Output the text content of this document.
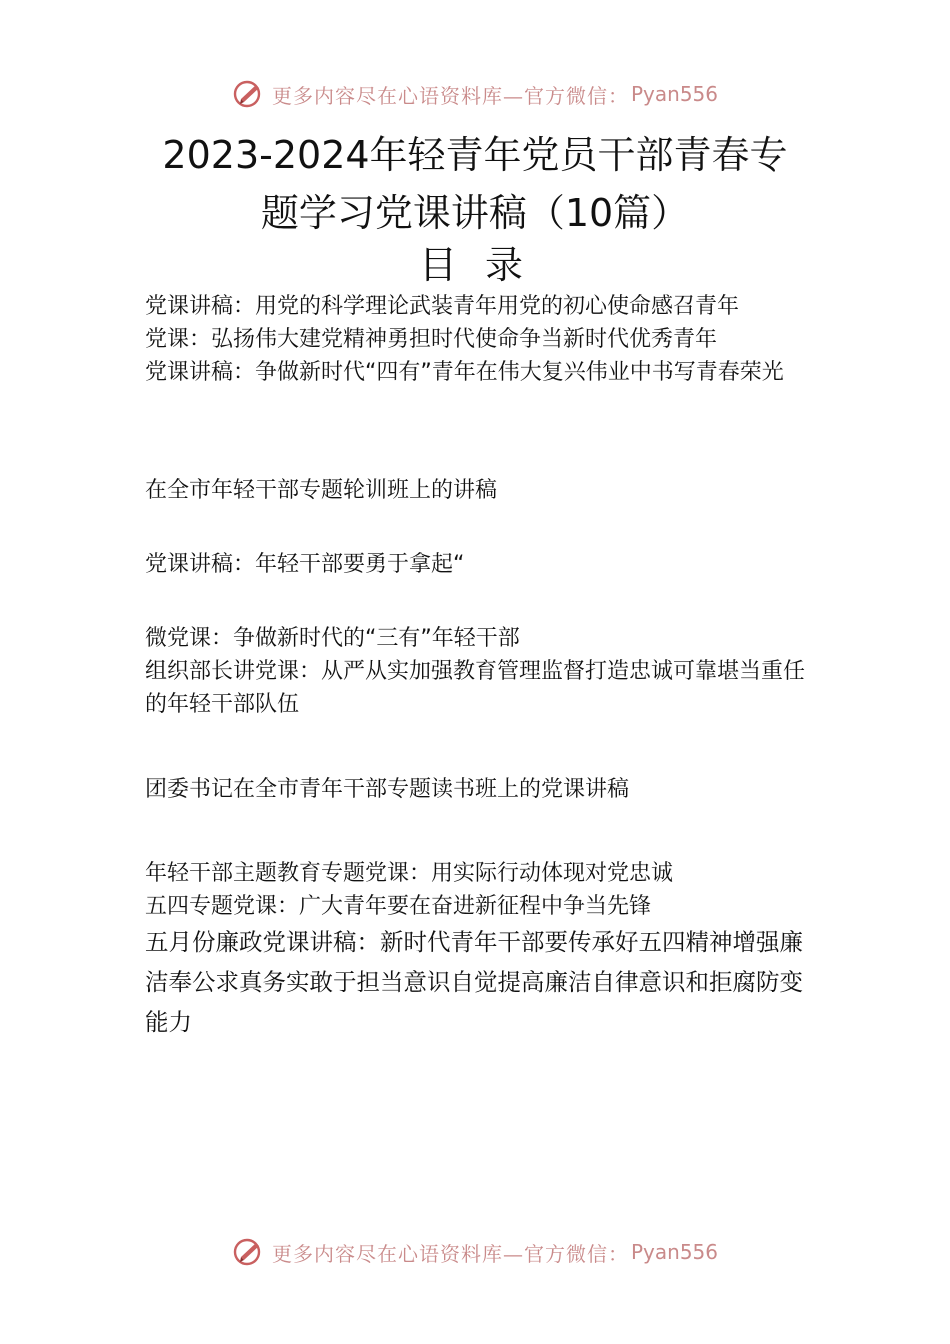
更多内容尽在心语资料库—官方微信： Pyan556
2023-2024年轻青年党员干部青春专
题学习党课讲稿（10篇）
目 录
党课讲稿：用党的科学理论武装青年用党的初心使命感召青年
党课：弘扬伟大建党精神勇担时代使命争当新时代优秀青年
党课讲稿：争做新时代“四有”青年在伟大复兴伟业中书写青春荣光
在全市年轻干部专题轮训班上的讲稿
党课讲稿：年轻干部要勇于拿起“
微党课：争做新时代的“三有”年轻干部
组织部长讲党课：从严从实加强教育管理监督打造忠诚可靠堪当重任的年轻干部队伍
团委书记在全市青年干部专题读书班上的党课讲稿
年轻干部主题教育专题党课：用实际行动体现对党忠诚
五四专题党课：广大青年要在奋进新征程中争当先锋
五月份廉政党课讲稿：新时代青年干部要传承好五四精神增强廉洁奉公求真务实敢于担当意识自觉提高廉洁自律意识和拒腐防变能力
更多内容尽在心语资料库—官方微信： Pyan556
